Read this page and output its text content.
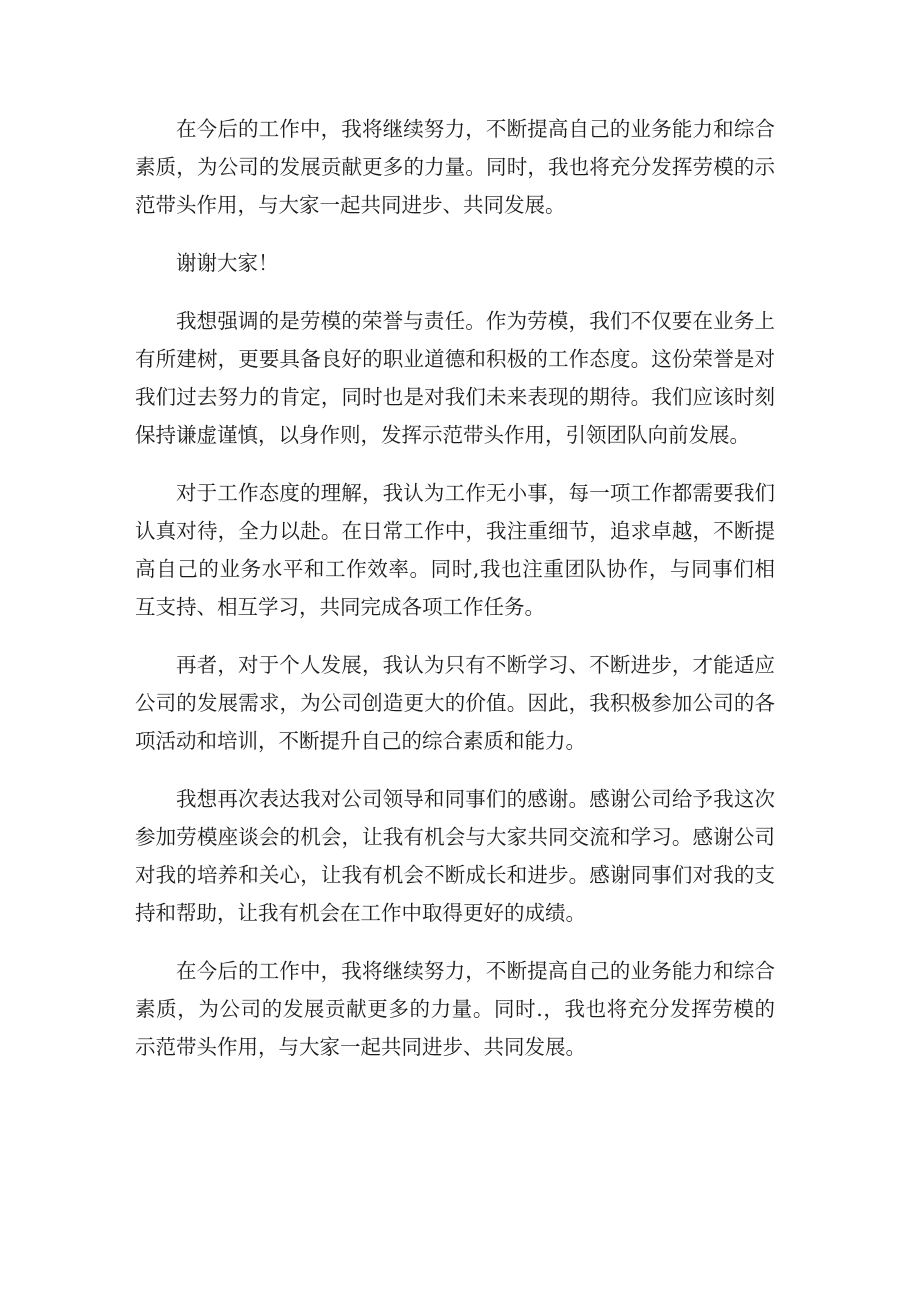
在今后的工作中，我将继续努力，不断提高自己的业务能力和综合素质，为公司的发展贡献更多的力量。同时，我也将充分发挥劳模的示范带头作用，与大家一起共同进步、共同发展。

谢谢大家！

我想强调的是劳模的荣誉与责任。作为劳模，我们不仅要在业务上有所建树，更要具备良好的职业道德和积极的工作态度。这份荣誉是对我们过去努力的肯定，同时也是对我们未来表现的期待。我们应该时刻保持谦虚谨慎，以身作则，发挥示范带头作用，引领团队向前发展。

对于工作态度的理解，我认为工作无小事，每一项工作都需要我们认真对待，全力以赴。在日常工作中，我注重细节，追求卓越，不断提高自己的业务水平和工作效率。同时,我也注重团队协作，与同事们相互支持、相互学习，共同完成各项工作任务。

再者，对于个人发展，我认为只有不断学习、不断进步，才能适应公司的发展需求，为公司创造更大的价值。因此，我积极参加公司的各项活动和培训，不断提升自己的综合素质和能力。

我想再次表达我对公司领导和同事们的感谢。感谢公司给予我这次参加劳模座谈会的机会，让我有机会与大家共同交流和学习。感谢公司对我的培养和关心，让我有机会不断成长和进步。感谢同事们对我的支持和帮助，让我有机会在工作中取得更好的成绩。

在今后的工作中，我将继续努力，不断提高自己的业务能力和综合素质，为公司的发展贡献更多的力量。同时.，我也将充分发挥劳模的示范带头作用，与大家一起共同进步、共同发展。
